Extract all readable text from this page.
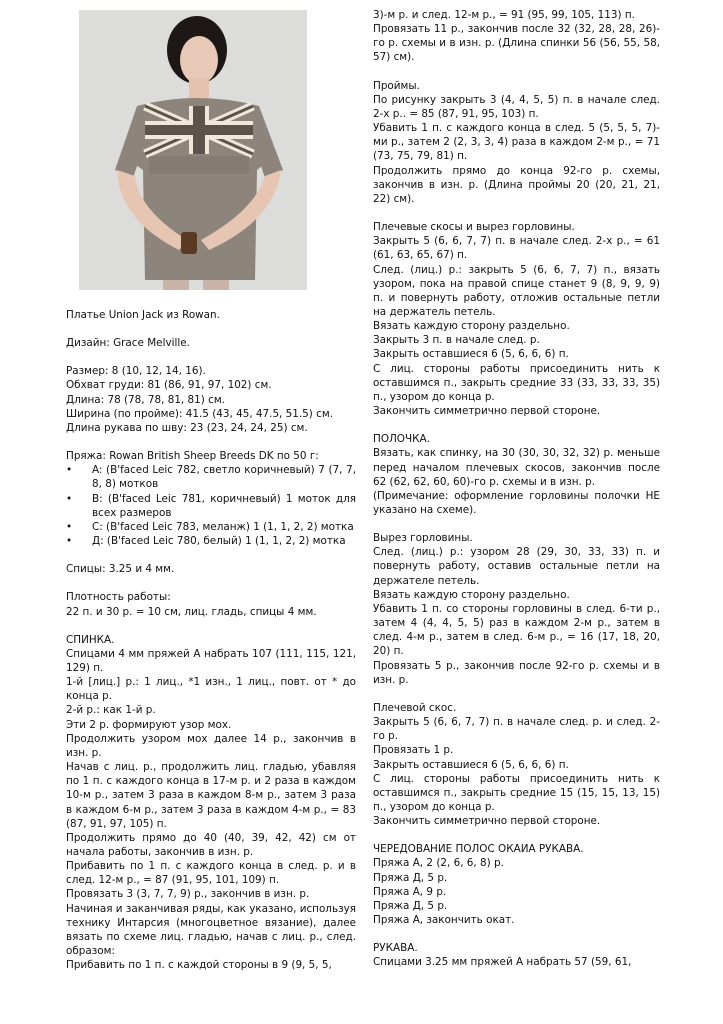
Платье Union Jack из Rowan.

Дизайн: Grace Melville.

Размер: 8 (10, 12, 14, 16).

Обхват груди: 81 (86, 91, 97, 102) см.

Длина: 78 (78, 78, 81, 81) см.

Ширина (по пройме): 41.5 (43, 45, 47.5, 51.5) см.

Длина рукава по шву: 23 (23, 24, 24, 25) см.

Пряжа: Rowan British Sheep Breeds DK по 50 г:

•	A: (B'faced Leic 782, светло коричневый) 7 (7, 7, 8, 8) мотков
•	B: (B'faced Leic 781, коричневый) 1 моток для всех размеров
•	C: (B'faced Leic 783, меланж) 1 (1, 1, 2, 2) мотка
•	Д: (B'faced Leic 780, белый) 1 (1, 1, 2, 2) мотка

Спицы: 3.25 и 4 мм.

Плотность работы:

22 п. и 30 р. = 10 см, лиц. гладь, спицы 4 мм.

СПИНКА.

Спицами 4 мм пряжей А набрать 107 (111, 115, 121, 129) п.

1-й [лиц.] р.: 1 лиц., *1 изн., 1 лиц., повт. от * до конца р.

2-й р.: как 1-й р.

Эти 2 р. формируют узор мох.

Продолжить узором мох далее 14 р., закончив в изн. р.

Начав с лиц. р., продолжить лиц. гладью, убавляя по 1 п. с каждого конца в 17-м р. и 2 раза в каждом 10-м р., затем 3 раза в каждом 8-м р., затем 3 раза в каждом 6-м р., затем 3 раза в каждом 4-м р., = 83 (87, 91, 97, 105) п.

Продолжить прямо до 40 (40, 39, 42, 42) см от начала работы, закончив в изн. р.

Прибавить по 1 п. с каждого конца в след. р. и в след. 12-м р., = 87 (91, 95, 101, 109) п.

Провязать 3 (3, 7, 7, 9) р., закончив в изн. р.

Начиная и заканчивая ряды, как указано, используя технику Интарсия (многоцветное вязание), далее вязать по схеме лиц. гладью, начав с лиц. р., след. образом:

Прибавить по 1 п. с каждой стороны в 9 (9, 5, 5,

3)-м р. и след. 12-м р., = 91 (95, 99, 105, 113) п.

Провязать 11 р., закончив после 32 (32, 28, 28, 26)-го р. схемы и в изн. р. (Длина спинки 56 (56, 55, 58, 57) см).

Проймы.

По рисунку закрыть 3 (4, 4, 5, 5) п. в начале след. 2-х р.. = 85 (87, 91, 95, 103) п.

Убавить 1 п. с каждого конца в след. 5 (5, 5, 5, 7)-ми р., затем 2 (2, 3, 3, 4) раза в каждом 2-м р., = 71 (73, 75, 79, 81) п.

Продолжить прямо до конца 92-го р. схемы, закончив в изн. р. (Длина проймы 20 (20, 21, 21, 22) см).

Плечевые скосы и вырез горловины.

Закрыть 5 (6, 6, 7, 7) п. в начале след. 2-х р., = 61 (61, 63, 65, 67) п.

След. (лиц.) р.: закрыть 5 (6, 6, 7, 7) п., вязать узором, пока на правой спице станет 9 (8, 9, 9, 9) п. и повернуть работу, отложив остальные петли на держатель петель.

Вязать каждую сторону раздельно.

Закрыть 3 п. в начале след. р.

Закрыть оставшиеся 6 (5, 6, 6, 6) п.

С лиц. стороны работы присоединить нить к оставшимся п., закрыть средние 33 (33, 33, 33, 35) п., узором до конца р.

Закончить симметрично первой стороне.

ПОЛОЧКА.

Вязать, как спинку, на 30 (30, 30, 32, 32) р. меньше перед началом плечевых скосов, закончив после 62 (62, 62, 60, 60)-го р. схемы и в изн. р.

(Примечание: оформление горловины полочки НЕ указано на схеме).

Вырез горловины.

След. (лиц.) р.: узором 28 (29, 30, 33, 33) п. и повернуть работу, оставив остальные петли на держателе петель.

Вязать каждую сторону раздельно.

Убавить 1 п. со стороны горловины в след. 6-ти р., затем 4 (4, 4, 5, 5) раз в каждом 2-м р., затем в след. 4-м р., затем в след. 6-м р., = 16 (17, 18, 20, 20) п.

Провязать 5 р., закончив после 92-го р. схемы и в изн. р.

Плечевой скос.

Закрыть 5 (6, 6, 7, 7) п. в начале след. р. и след. 2-го р.

Провязать 1 р.

Закрыть оставшиеся 6 (5, 6, 6, 6) п.

С лиц. стороны работы присоединить нить к оставшимся п., закрыть средние 15 (15, 15, 13, 15) п., узором до конца р.

Закончить симметрично первой стороне.

ЧЕРЕДОВАНИЕ ПОЛОС ОКАИА РУКАВА.

Пряжа А, 2 (2, 6, 6, 8) р.

Пряжа Д, 5 р.

Пряжа А, 9 р.

Пряжа Д, 5 р.

Пряжа А, закончить окат.

РУКАВА.

Спицами 3.25 мм пряжей А набрать 57 (59, 61,
